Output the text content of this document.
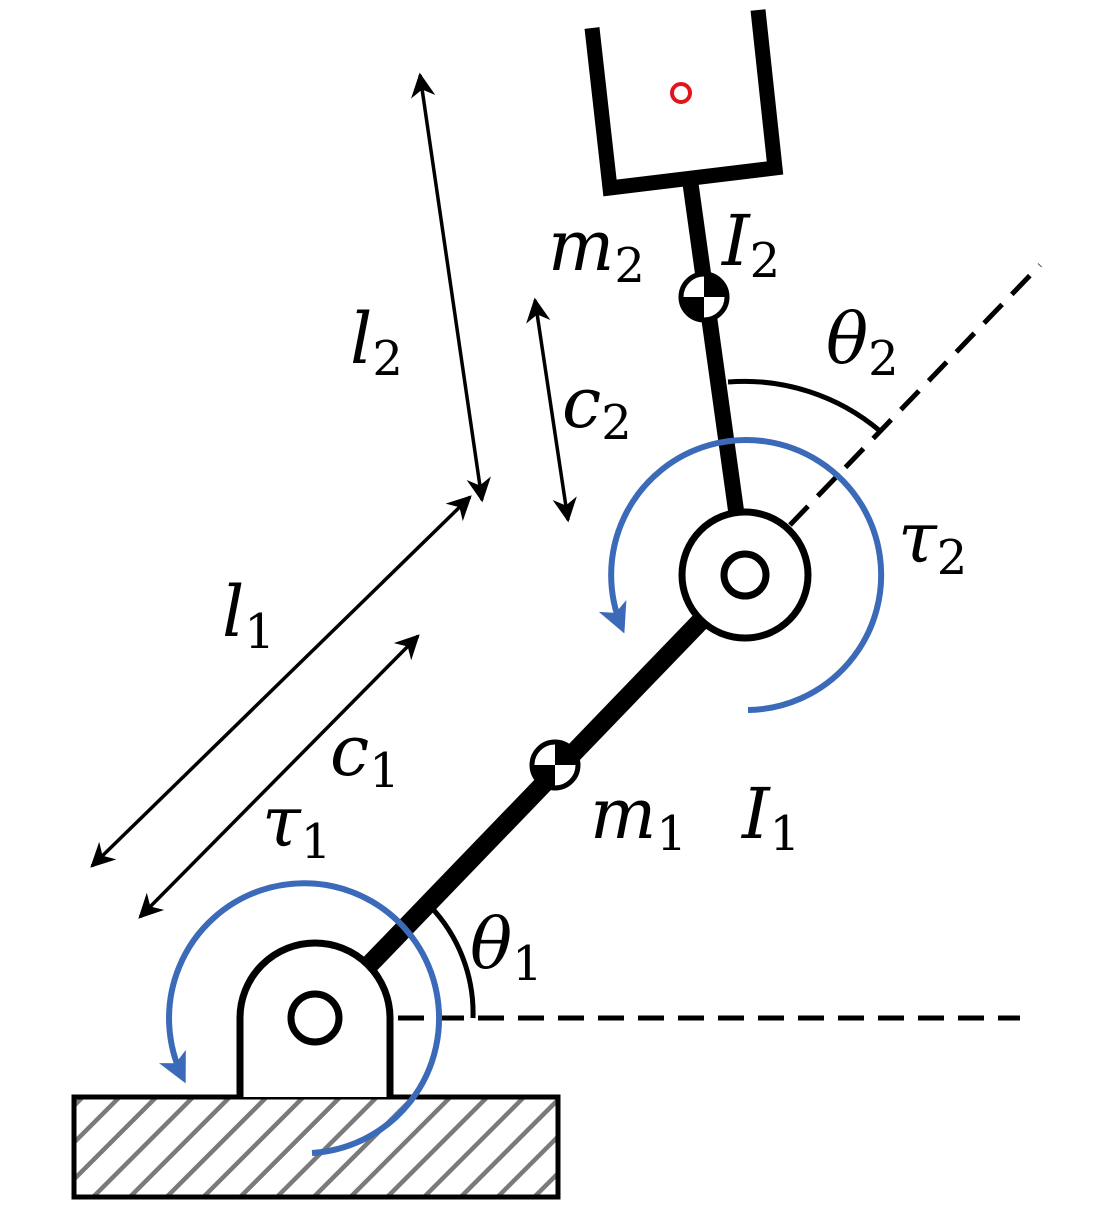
l1
l2
c1
c2
m1
m2
I1
I2
θ1
θ2
τ1
τ2
